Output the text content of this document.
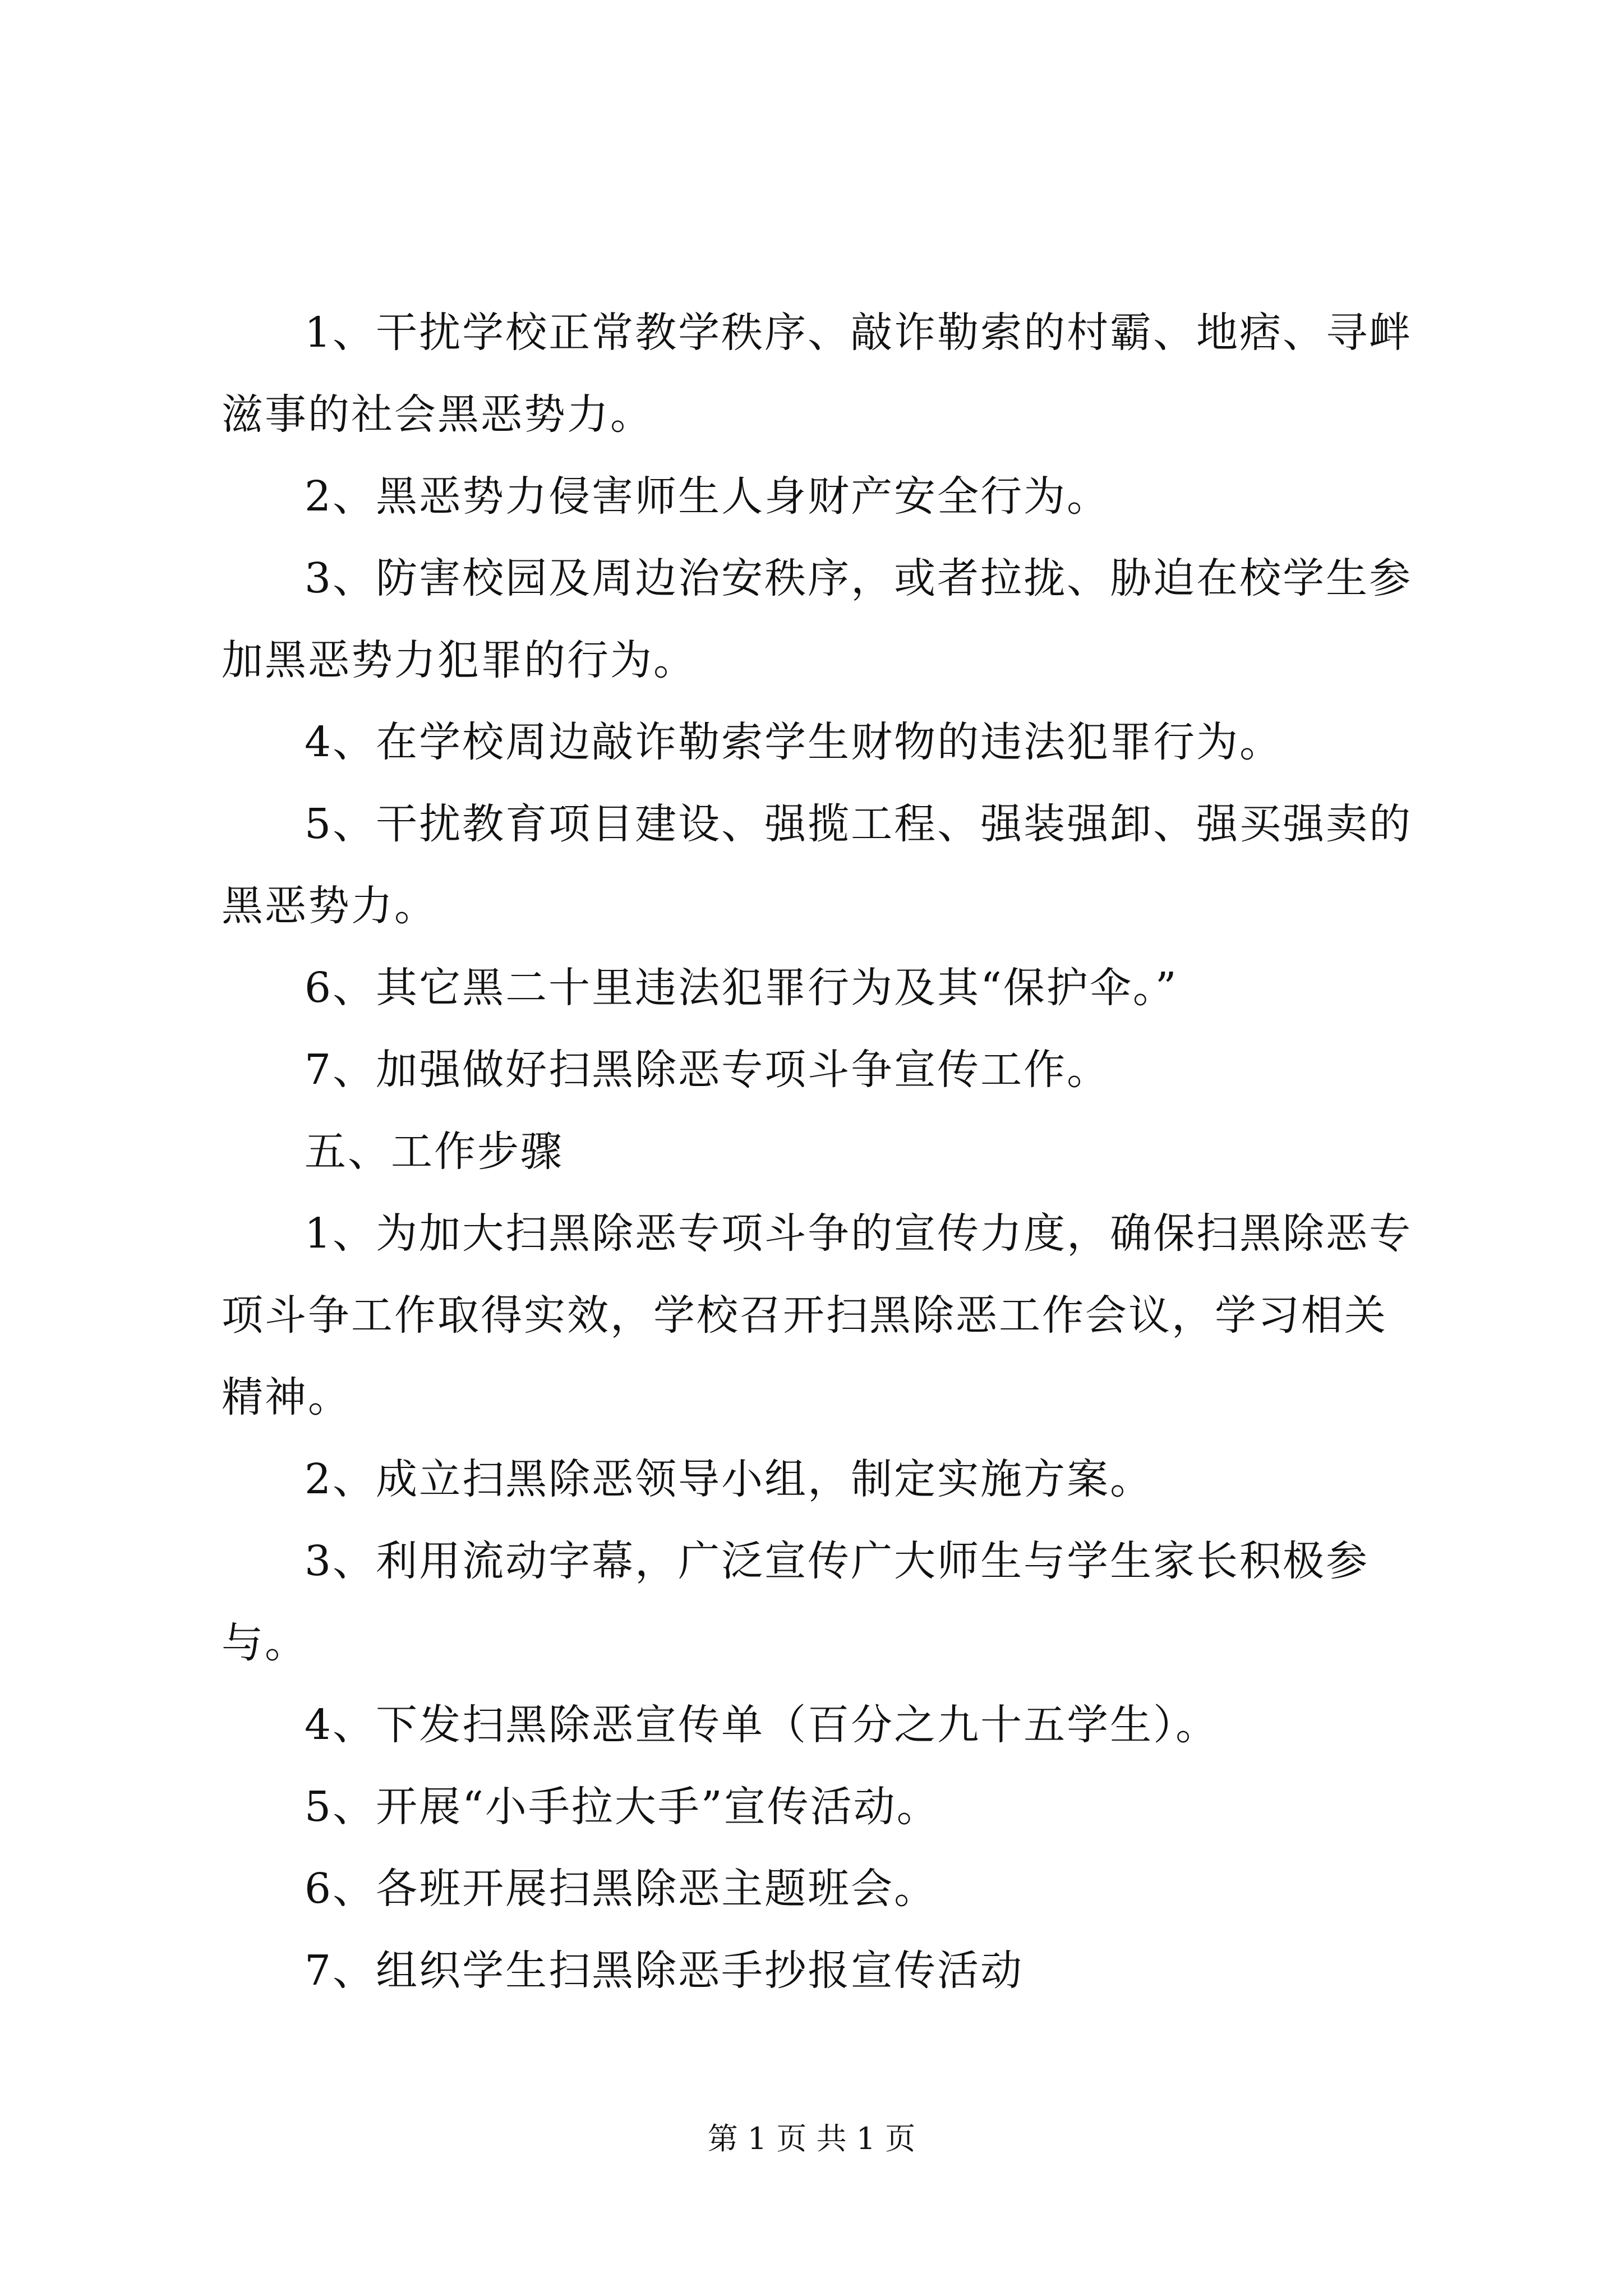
1、干扰学校正常教学秩序、敲诈勒索的村霸、地痞、寻衅滋事的社会黑恶势力。

2、黑恶势力侵害师生人身财产安全行为。

3、防害校园及周边治安秩序，或者拉拢、胁迫在校学生参加黑恶势力犯罪的行为。

4、在学校周边敲诈勒索学生财物的违法犯罪行为。

5、干扰教育项目建设、强揽工程、强装强卸、强买强卖的黑恶势力。

6、其它黑二十里违法犯罪行为及其“保护伞。”

7、加强做好扫黑除恶专项斗争宣传工作。

五、工作步骤

1、为加大扫黑除恶专项斗争的宣传力度，确保扫黑除恶专项斗争工作取得实效，学校召开扫黑除恶工作会议，学习相关精神。

2、成立扫黑除恶领导小组，制定实施方案。

3、利用流动字幕，广泛宣传广大师生与学生家长积极参与。

4、下发扫黑除恶宣传单（百分之九十五学生）。

5、开展“小手拉大手”宣传活动。

6、各班开展扫黑除恶主题班会。

7、组织学生扫黑除恶手抄报宣传活动

第 1 页 共 1 页
